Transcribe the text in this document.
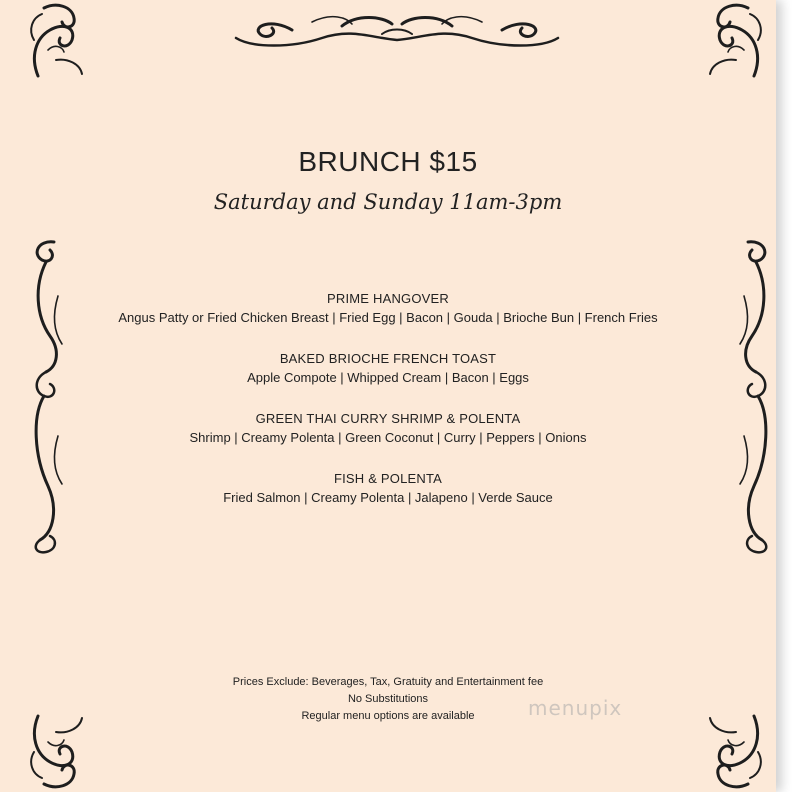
BRUNCH $15
Saturday and Sunday 11am-3pm
PRIME HANGOVER
Angus Patty or Fried Chicken Breast | Fried Egg | Bacon | Gouda | Brioche Bun | French Fries
BAKED BRIOCHE FRENCH TOAST
Apple Compote | Whipped Cream | Bacon | Eggs
GREEN THAI CURRY SHRIMP & POLENTA
Shrimp | Creamy Polenta | Green Coconut | Curry | Peppers | Onions
FISH & POLENTA
Fried Salmon | Creamy Polenta | Jalapeno | Verde Sauce
Prices Exclude: Beverages, Tax, Gratuity and Entertainment fee
No Substitutions
Regular menu options are available	menupix
